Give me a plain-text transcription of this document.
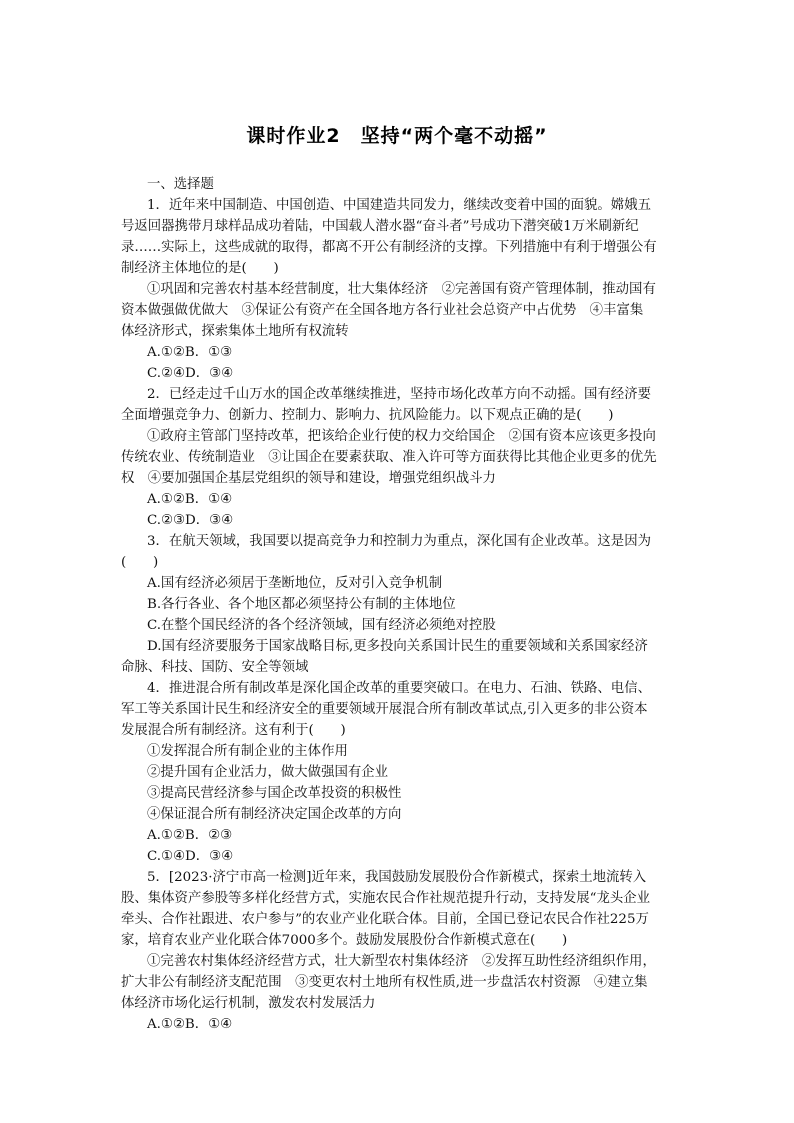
课时作业2　坚持“两个毫不动摇”
一、选择题
1．近年来中国制造、中国创造、中国建造共同发力，继续改变着中国的面貌。嫦娥五
号返回器携带月球样品成功着陆，中国载人潜水器“奋斗者”号成功下潜突破1万米刷新纪
录……实际上，这些成就的取得，都离不开公有制经济的支撑。下列措施中有利于增强公有
制经济主体地位的是(　　)
①巩固和完善农村基本经营制度，壮大集体经济　②完善国有资产管理体制，推动国有
资本做强做优做大　③保证公有资产在全国各地方各行业社会总资产中占优势　④丰富集
体经济形式，探索集体土地所有权流转
A.①②B．①③
C.②④D．③④
2．已经走过千山万水的国企改革继续推进，坚持市场化改革方向不动摇。国有经济要
全面增强竞争力、创新力、控制力、影响力、抗风险能力。以下观点正确的是(　　)
①政府主管部门坚持改革，把该给企业行使的权力交给国企　②国有资本应该更多投向
传统农业、传统制造业　③让国企在要素获取、准入许可等方面获得比其他企业更多的优先
权　④要加强国企基层党组织的领导和建设，增强党组织战斗力
A.①②B．①④
C.②③D．③④
3．在航天领域，我国要以提高竞争力和控制力为重点，深化国有企业改革。这是因为
(　　)
A.国有经济必须居于垄断地位，反对引入竞争机制
B.各行各业、各个地区都必须坚持公有制的主体地位
C.在整个国民经济的各个经济领域，国有经济必须绝对控股
D.国有经济要服务于国家战略目标,更多投向关系国计民生的重要领域和关系国家经济
命脉、科技、国防、安全等领域
4．推进混合所有制改革是深化国企改革的重要突破口。在电力、石油、铁路、电信、
军工等关系国计民生和经济安全的重要领域开展混合所有制改革试点,引入更多的非公资本
发展混合所有制经济。这有利于(　　)
①发挥混合所有制企业的主体作用
②提升国有企业活力，做大做强国有企业
③提高民营经济参与国企改革投资的积极性
④保证混合所有制经济决定国企改革的方向
A.①②B．②③
C.①④D．③④
5．[2023·济宁市高一检测]近年来，我国鼓励发展股份合作新模式，探索土地流转入
股、集体资产参股等多样化经营方式，实施农民合作社规范提升行动，支持发展“龙头企业
牵头、合作社跟进、农户参与”的农业产业化联合体。目前，全国已登记农民合作社225万
家，培育农业产业化联合体7000多个。鼓励发展股份合作新模式意在(　　)
①完善农村集体经济经营方式，壮大新型农村集体经济　②发挥互助性经济组织作用，
扩大非公有制经济支配范围　③变更农村土地所有权性质,进一步盘活农村资源　④建立集
体经济市场化运行机制，激发农村发展活力
A.①②B．①④
